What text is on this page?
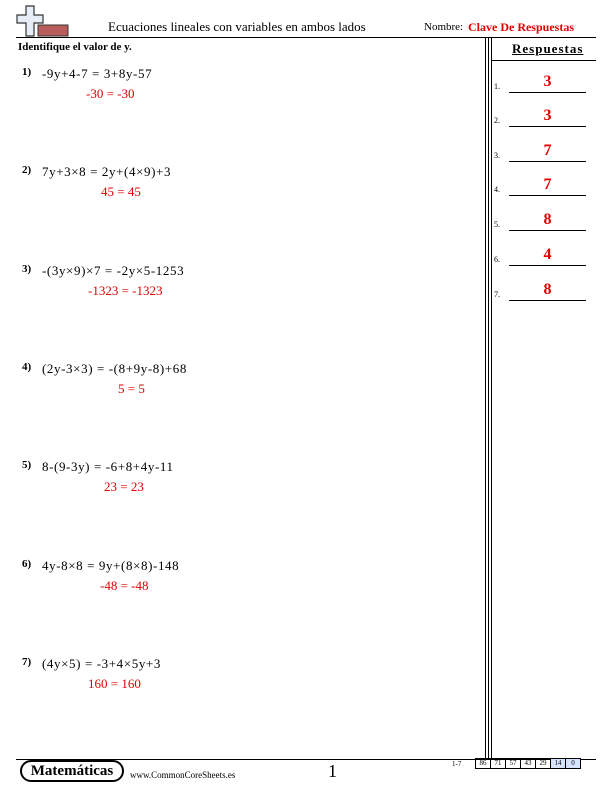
Ecuaciones lineales con variables en ambos lados	Nombre: Clave De Respuestas
Identifique el valor de y.	Respuestas
1) -9y+4-7 = 3+8y-57
-30 = -30
2) 7y+3×8 = 2y+(4×9)+3
45 = 45
3) -(3y×9)×7 = -2y×5-1253
-1323 = -1323
4) (2y-3×3) = -(8+9y-8)+68
5 = 5
5) 8-(9-3y) = -6+8+4y-11
23 = 23
6) 4y-8×8 = 9y+(8×8)-148
-48 = -48
7) (4y×5) = -3+4×5y+3
160 = 160
1.	3
2.	3
3.	7
4.	7
5.	8
6.	4
7.	8
Matemáticas	www.CommonCoreSheets.es	1	1-7	86	71	57	43	29	14	0
